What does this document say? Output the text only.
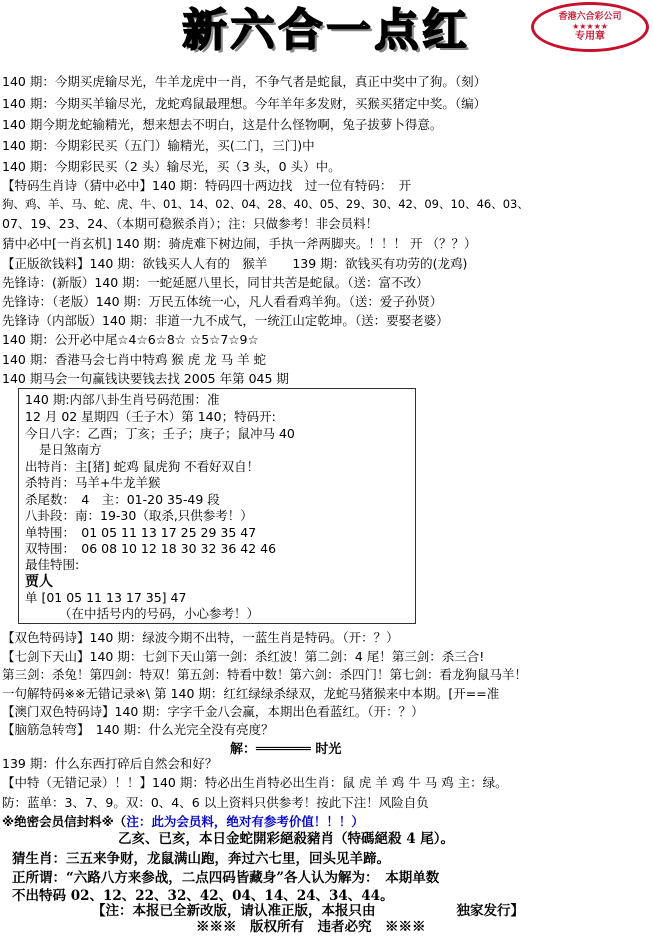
新六合一点红	香港六合彩公司
★★★★★
专用章
140 期：今期买虎输尽光，牛羊龙虎中一肖，不争气者是蛇鼠，真正中奖中了狗。（刻）
140 期：今期买羊输尽光，龙蛇鸡鼠最理想。今年羊年多发财，买猴买猪定中奖。（编）
140 期今期龙蛇输精光，想来想去不明白，这是什么怪物啊，兔子拔萝卜得意。
140 期：今期彩民买（五门）输精光，买(二门，三门)中
140 期：今期彩民买（2 头）输尽光，买（3 头，0 头）中。
【特码生肖诗（猜中必中】140 期：特码四十两边找　过一位有特码：　开
狗、鸡、羊、马、蛇、虎、牛、01、14、02、04、28、40、05、29、30、42、09、10、46、03、
07、19、23、24、（本期可稳猴杀肖）；注：只做参考！非会员料！
猜中必中[一肖玄机] 140 期：骑虎难下树边闹，手执一斧两脚夹。！！！ 开 （？？）
【正版欲钱料】140 期：欲钱买人人有的　猴羊　　139 期：欲钱买有功劳的(龙鸡)
先锋诗：(新版）140 期：一蛇延愿八里长，同甘共苦是蛇鼠。（送：富不改）
先锋诗：（老版）140 期：万民五体统一心，凡人看看鸡羊狗。（送：爱子孙贤）
先锋诗（内部版）140 期：非道一九不成气，一统江山定乾坤。（送：要娶老婆）
140 期：公开必中尾☆4☆6☆8☆ ☆5☆7☆9☆
140 期：香港马会七肖中特鸡 猴 虎 龙 马 羊 蛇
140 期马会一句赢钱诀要钱去找 2005 年第 045 期
140 期:内部八卦生肖号码范围：准
12 月 02 星期四（壬子木）第 140；特码开:
今日八字：乙酉；丁亥；壬子；庚子；鼠冲马 40
是日煞南方
出特肖：主[猪] 蛇鸡 鼠虎狗 不看好双自！
杀特肖：马羊+牛龙羊猴
杀尾数：　4　主：01-20 35-49 段
八卦段：南：19-30（取杀,只供参考！）
单特围：　01 05 11 13 17 25 29 35 47
双特围：　06 08 10 12 18 30 32 36 42 46
最佳特围:
贾人
单 [01 05 11 13 17 35] 47
（在中括号内的号码，小心参考！）
【双色特码诗】140 期：绿波今期不出特，一蓝生肖是特码。（开：？）
【七剑下天山】140 期：七剑下天山第一剑：杀红波！第二剑：4 尾！第三剑：杀三合!
第三剑：杀兔！第四剑：特双！第五剑：特看中数！第六剑：杀四门！第七剑：看龙狗鼠马羊！
一句解特码※※无错记录※\ 第 140 期：红红绿绿杀绿双，龙蛇马猪猴来中本期。[开==准
【澳门双色特码诗】140 期：字字千金八会赢，本期出色看蓝红。（开：？）
【脑筋急转弯】　140 期：什么光完全没有亮度？
解：═══════ 时光
139 期：什么东西打碎后自然会和好？
【中特（无错记录）！！】140 期：特必出生肖特必出生肖：鼠 虎 羊 鸡 牛 马 鸡 主：绿。
防：蓝单：3、7、9。双：0、4、6 以上资料只供参考！按此下注！风险自负
※绝密会员信封料※（注：此为会员料，绝对有参考价值！！！）
乙亥、已亥，本日金蛇開彩絕殺豬肖（特碼絕殺 4 尾）。
猜生肖：三五来争财，龙鼠满山跑，奔过六七里，回头见羊蹄。
正所谓：“六路八方来参战，二点四码皆藏身”各人认为解为：　本期单数
不出特码 02、12、22、32、42、04、14、24、34、44。
【注：本报已全新改版，请认准正版，本报只由　　　　　　独家发行】
※※※　版权所有　违者必究　※※※
